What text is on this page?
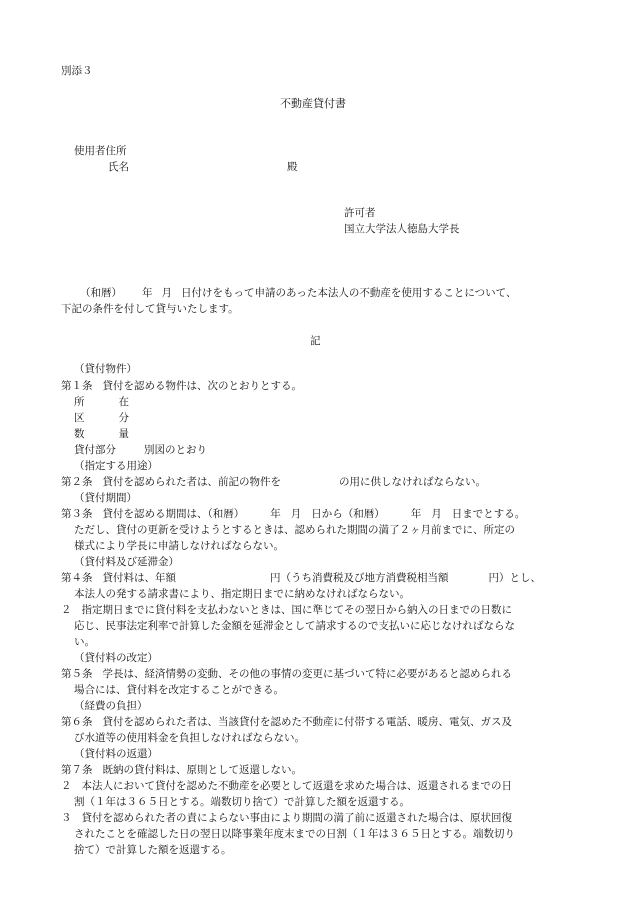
別添３
不動産貸付書
使用者住所
氏名	殿
許可者
国立大学法人徳島大学長
（和暦） 年 月 日付けをもって申請のあった本法人の不動産を使用することについて、
下記の条件を付して貸与いたします。
記
（貸付物件）
第１条 貸付を認める物件は、次のとおりとする。
所	在
区	分
数	量
貸付部分	別図のとおり
（指定する用途）
第２条 貸付を認められた者は、前記の物件を	の用に供しなければならない。
（貸付期間）
第３条 貸付を認める期間は、（和暦） 年 月 日から（和暦） 年 月 日までとする。
ただし、貸付の更新を受けようとするときは、認められた期間の満了２ヶ月前までに、所定の
様式により学長に申請しなければならない。
（貸付料及び延滞金）
第４条 貸付料は、年額	円（うち消費税及び地方消費税相当額	円）とし、
本法人の発する請求書により、指定期日までに納めなければならない。
２ 指定期日までに貸付料を支払わないときは、国に準じてその翌日から納入の日までの日数に
応じ、民事法定利率で計算した金額を延滞金として請求するので支払いに応じなければならな
い。
（貸付料の改定）
第５条 学長は、経済情勢の変動、その他の事情の変更に基づいて特に必要があると認められる
場合には、貸付料を改定することができる。
（経費の負担）
第６条 貸付を認められた者は、当該貸付を認めた不動産に付帯する電話、暖房、電気、ガス及
び水道等の使用料金を負担しなければならない。
（貸付料の返還）
第７条 既納の貸付料は、原則として返還しない。
２ 本法人において貸付を認めた不動産を必要として返還を求めた場合は、返還されるまでの日
割（１年は３６５日とする。端数切り捨て）で計算した額を返還する。
３ 貸付を認められた者の責によらない事由により期間の満了前に返還された場合は、原状回復
されたことを確認した日の翌日以降事業年度末までの日割（１年は３６５日とする。端数切り
捨て）で計算した額を返還する。
